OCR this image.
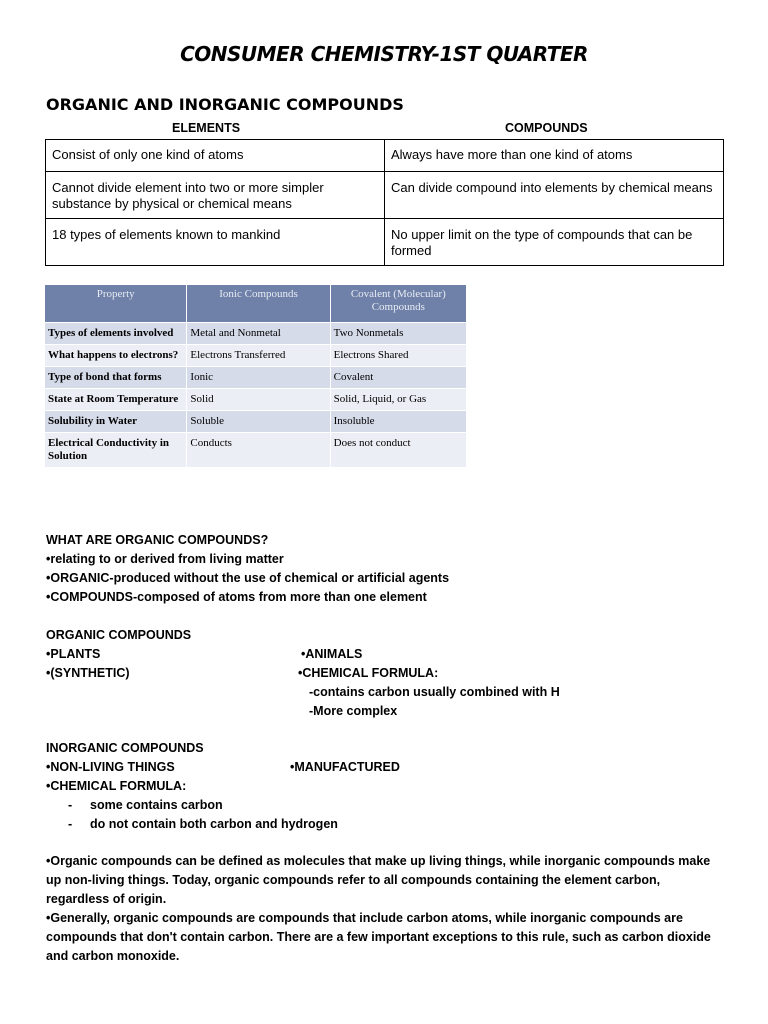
CONSUMER CHEMISTRY-1ST QUARTER
ORGANIC AND INORGANIC COMPOUNDS
ELEMENTS	COMPOUNDS
Consist of only one kind of atoms	Always have more than one kind of atoms
Cannot divide element into two or more simpler substance by physical or chemical means	Can divide compound into elements by chemical means
18 types of elements known to mankind	No upper limit on the type of compounds that can be formed
Property	Ionic Compounds	Covalent (Molecular) Compounds
Types of elements involved	Metal and Nonmetal	Two Nonmetals
What happens to electrons?	Electrons Transferred	Electrons Shared
Type of bond that forms	Ionic	Covalent
State at Room Temperature	Solid	Solid, Liquid, or Gas
Solubility in Water	Soluble	Insoluble
Electrical Conductivity in Solution	Conducts	Does not conduct
WHAT ARE ORGANIC COMPOUNDS?
•relating to or derived from living matter
•ORGANIC-produced without the use of chemical or artificial agents
•COMPOUNDS-composed of atoms from more than one element
ORGANIC COMPOUNDS
•PLANTS	•ANIMALS
•(SYNTHETIC)	•CHEMICAL FORMULA:
-contains carbon usually combined with H
-More complex
INORGANIC COMPOUNDS
•NON-LIVING THINGS	•MANUFACTURED
•CHEMICAL FORMULA:
- some contains carbon
- do not contain both carbon and hydrogen
•Organic compounds can be defined as molecules that make up living things, while inorganic compounds make up non-living things. Today, organic compounds refer to all compounds containing the element carbon, regardless of origin.
•Generally, organic compounds are compounds that include carbon atoms, while inorganic compounds are compounds that don't contain carbon. There are a few important exceptions to this rule, such as carbon dioxide and carbon monoxide.
